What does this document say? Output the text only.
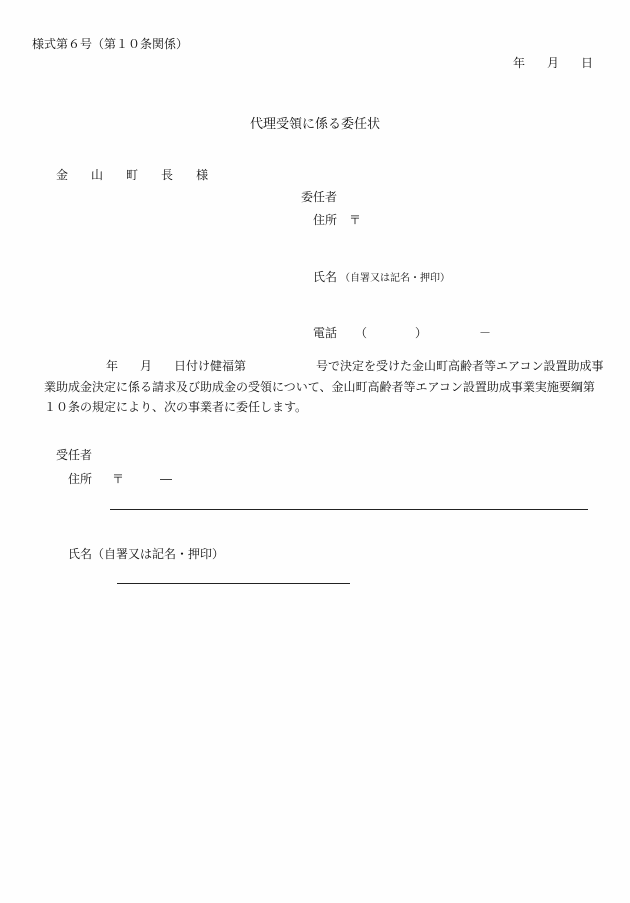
様式第６号（第１０条関係）
年 月 日
代理受領に係る委任状
金 山 町 長 様
委任者
住所 〒
氏名 （自署又は記名・押印）
電話 （	）	－
年 月 日付け健福第	号で決定を受けた金山町高齢者等エアコン設置助成事業助成金決定に係る請求及び助成金の受領について、金山町高齢者等エアコン設置助成事業実施要綱第１０条の規定により、次の事業者に委任します。
受任者
住所 〒	―
氏名（自署又は記名・押印）
